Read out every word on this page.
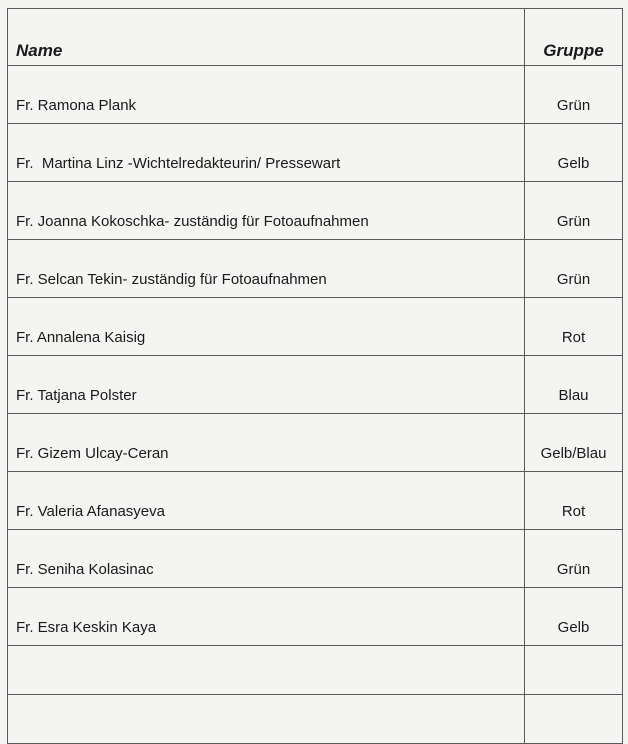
Name	Gruppe
Fr. Ramona Plank	Grün
Fr.  Martina Linz -Wichtelredakteurin/ Pressewart	Gelb
Fr. Joanna Kokoschka- zuständig für Fotoaufnahmen	Grün
Fr. Selcan Tekin- zuständig für Fotoaufnahmen	Grün
Fr. Annalena Kaisig	Rot
Fr. Tatjana Polster	Blau
Fr. Gizem Ulcay-Ceran	Gelb/Blau
Fr. Valeria Afanasyeva	Rot
Fr. Seniha Kolasinac	Grün
Fr. Esra Keskin Kaya	Gelb
